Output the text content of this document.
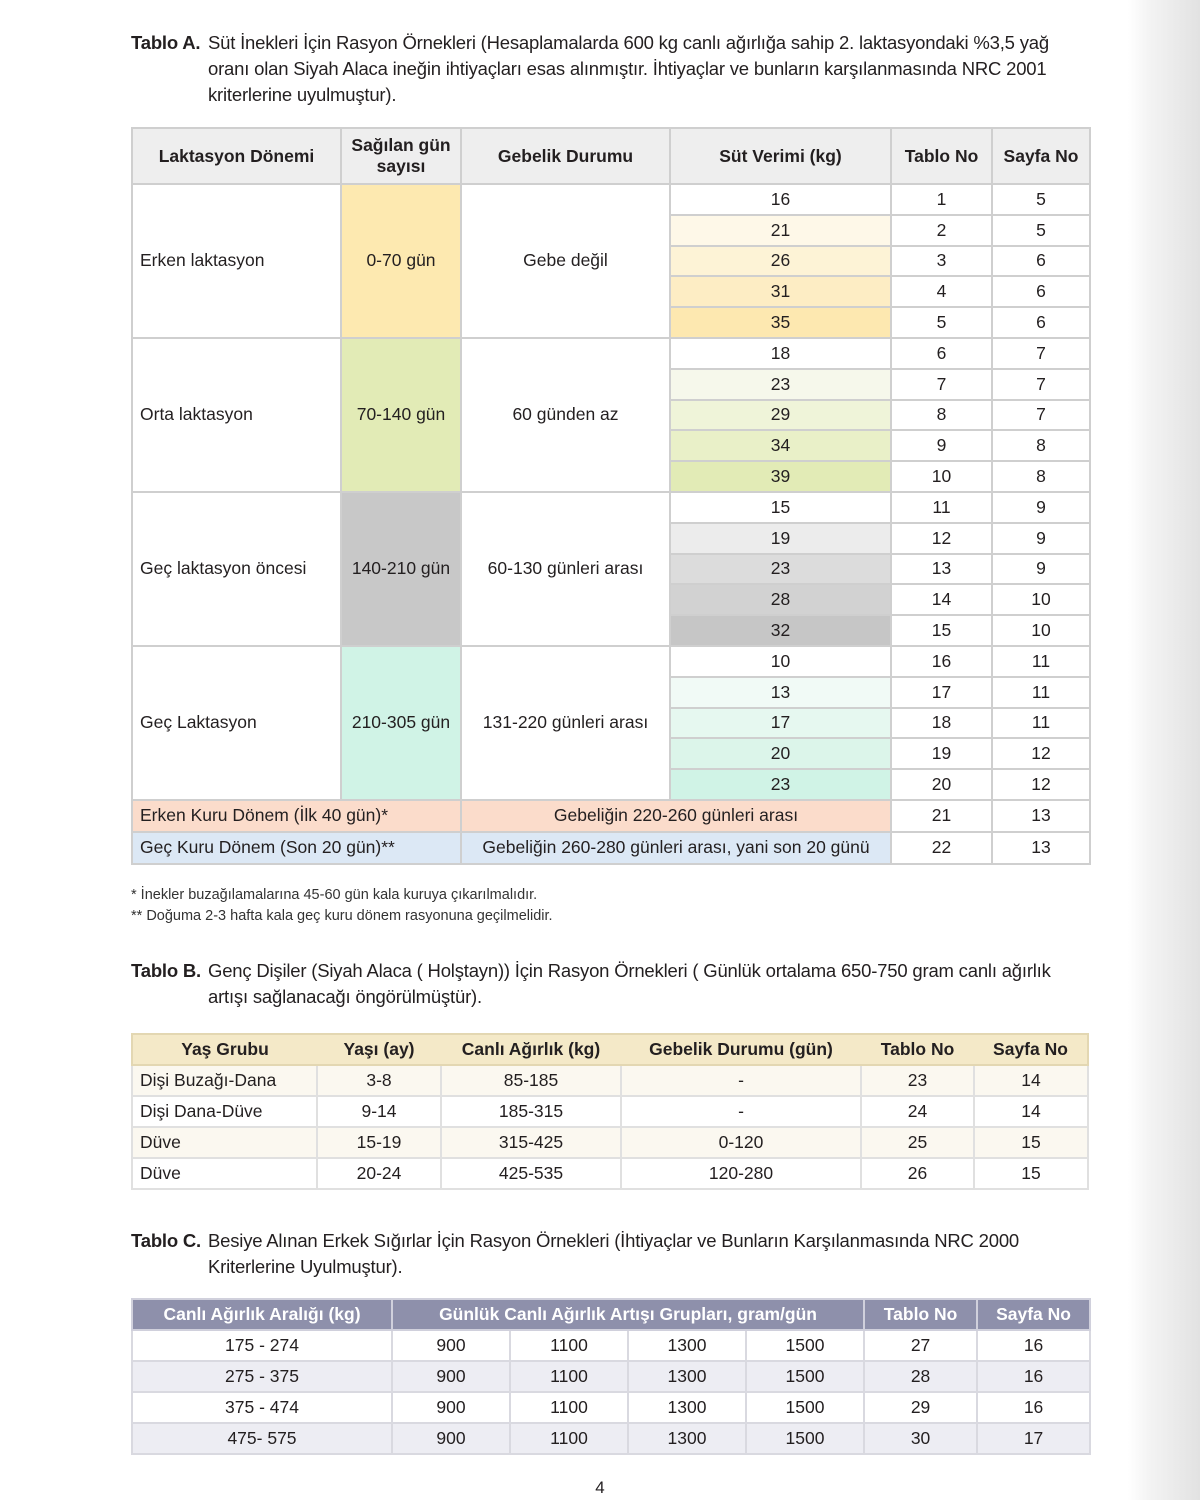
Tablo A. Süt İnekleri İçin Rasyon Örnekleri (Hesaplamalarda 600 kg canlı ağırlığa sahip 2. laktasyondaki %3,5 yağ oranı olan Siyah Alaca ineğin ihtiyaçları esas alınmıştır. İhtiyaçlar ve bunların karşılanmasında NRC 2001 kriterlerine uyulmuştur).

Laktasyon Dönemi	Sağılan gün sayısı	Gebelik Durumu	Süt Verimi (kg)	Tablo No	Sayfa No
Erken laktasyon	0-70 gün	Gebe değil	16	1	5
			21	2	5
			26	3	6
			31	4	6
			35	5	6
Orta laktasyon	70-140 gün	60 günden az	18	6	7
			23	7	7
			29	8	7
			34	9	8
			39	10	8
Geç laktasyon öncesi	140-210 gün	60-130 günleri arası	15	11	9
			19	12	9
			23	13	9
			28	14	10
			32	15	10
Geç Laktasyon	210-305 gün	131-220 günleri arası	10	16	11
			13	17	11
			17	18	11
			20	19	12
			23	20	12
Erken Kuru Dönem (İlk 40 gün)*		Gebeliğin 220-260 günleri arası		21	13
Geç Kuru Dönem (Son 20 gün)**		Gebeliğin 260-280 günleri arası, yani son 20 günü		22	13
* İnekler buzağılamalarına 45-60 gün kala kuruya çıkarılmalıdır.
** Doğuma 2-3 hafta kala geç kuru dönem rasyonuna geçilmelidir.

Tablo B. Genç Dişiler (Siyah Alaca ( Holştayn)) İçin Rasyon Örnekleri ( Günlük ortalama 650-750 gram canlı ağırlık artışı sağlanacağı öngörülmüştür).

Yaş Grubu	Yaşı (ay)	Canlı Ağırlık (kg)	Gebelik Durumu (gün)	Tablo No	Sayfa No
Dişi Buzağı-Dana	3-8	85-185	-	23	14
Dişi Dana-Düve	9-14	185-315	-	24	14
Düve	15-19	315-425	0-120	25	15
Düve	20-24	425-535	120-280	26	15

Tablo C. Besiye Alınan Erkek Sığırlar İçin Rasyon Örnekleri (İhtiyaçlar ve Bunların Karşılanmasında NRC 2000 Kriterlerine Uyulmuştur).

Canlı Ağırlık Aralığı (kg)	Günlük Canlı Ağırlık Artışı Grupları, gram/gün				Tablo No	Sayfa No
175 - 274	900	1100	1300	1500	27	16
275 - 375	900	1100	1300	1500	28	16
375 - 474	900	1100	1300	1500	29	16
475- 575	900	1100	1300	1500	30	17
4
